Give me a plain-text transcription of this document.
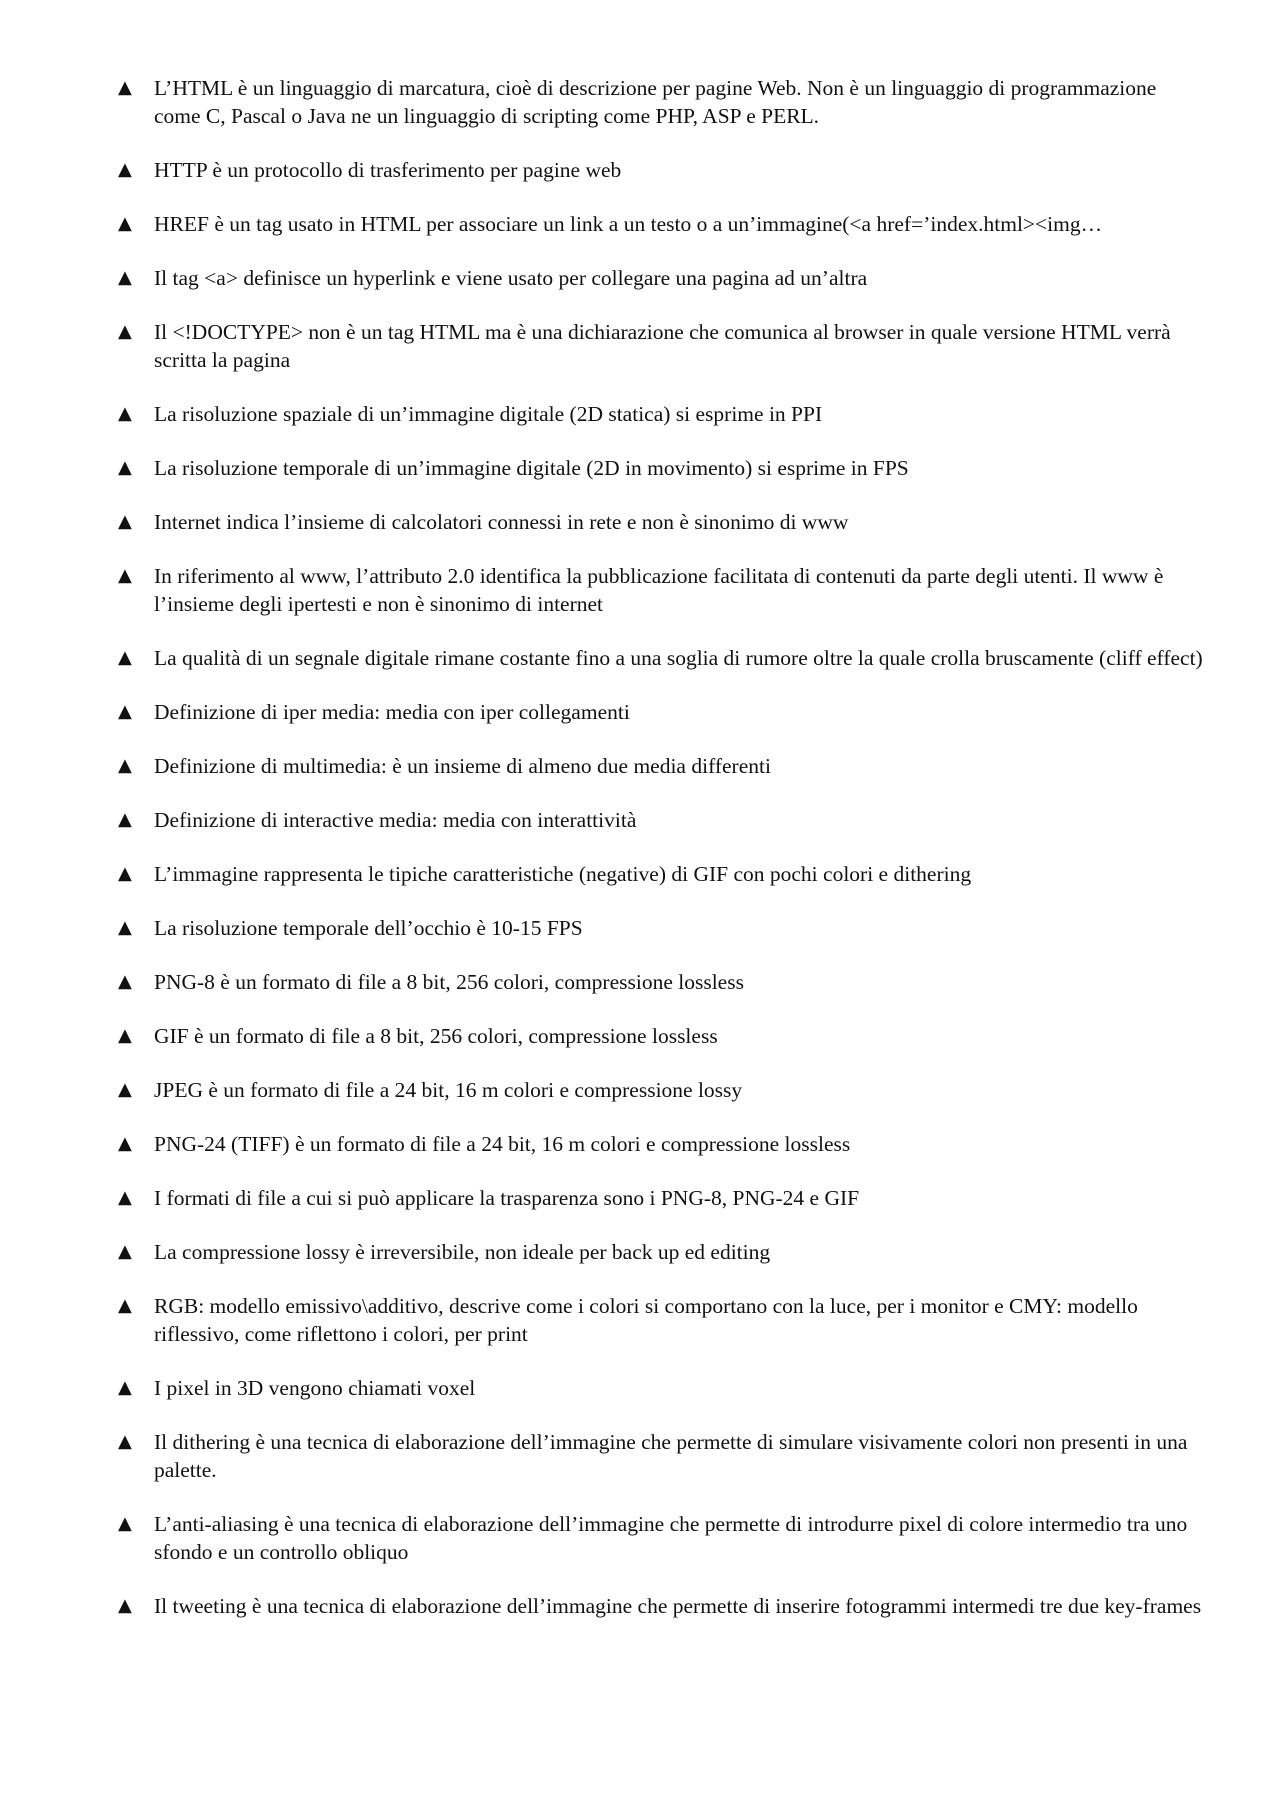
▲ L’HTML è un linguaggio di marcatura, cioè di descrizione per pagine Web. Non è un linguaggio di programmazione come C, Pascal o Java ne un linguaggio di scripting come PHP, ASP e PERL.
▲ HTTP è un protocollo di trasferimento per pagine web
▲ HREF è un tag usato in HTML per associare un link a un testo o a un’immagine(<a href=’index.html><img…
▲ Il tag <a> definisce un hyperlink e viene usato per collegare una pagina ad un’altra
▲ Il <!DOCTYPE> non è un tag HTML ma è una dichiarazione che comunica al browser in quale versione HTML verrà scritta la pagina
▲ La risoluzione spaziale di un’immagine digitale (2D statica) si esprime in PPI
▲ La risoluzione temporale di un’immagine digitale (2D in movimento) si esprime in FPS
▲ Internet indica l’insieme di calcolatori connessi in rete e non è sinonimo di www
▲ In riferimento al www, l’attributo 2.0 identifica la pubblicazione facilitata di contenuti da parte degli utenti. Il www è l’insieme degli ipertesti e non è sinonimo di internet
▲ La qualità di un segnale digitale rimane costante fino a una soglia di rumore oltre la quale crolla bruscamente (cliff effect)
▲ Definizione di iper media: media con iper collegamenti
▲ Definizione di multimedia: è un insieme di almeno due media differenti
▲ Definizione di interactive media: media con interattività
▲ L’immagine rappresenta le tipiche caratteristiche (negative) di GIF con pochi colori e dithering
▲ La risoluzione temporale dell’occhio è 10-15 FPS
▲ PNG-8 è un formato di file a 8 bit, 256 colori, compressione lossless
▲ GIF è un formato di file a 8 bit, 256 colori, compressione lossless
▲ JPEG è un formato di file a 24 bit, 16 m colori e compressione lossy
▲ PNG-24 (TIFF) è un formato di file a 24 bit, 16 m colori e compressione lossless
▲ I formati di file a cui si può applicare la trasparenza sono i PNG-8, PNG-24 e GIF
▲ La compressione lossy è irreversibile, non ideale per back up ed editing
▲ RGB: modello emissivo\additivo, descrive come i colori si comportano con la luce, per i monitor e CMY: modello riflessivo, come riflettono i colori, per print
▲ I pixel in 3D vengono chiamati voxel
▲ Il dithering è una tecnica di elaborazione dell’immagine che permette di simulare visivamente colori non presenti in una palette.
▲ L’anti-aliasing è una tecnica di elaborazione dell’immagine che permette di introdurre pixel di colore intermedio tra uno sfondo e un controllo obliquo
▲ Il tweeting è una tecnica di elaborazione dell’immagine che permette di inserire fotogrammi intermedi tre due key-frames
